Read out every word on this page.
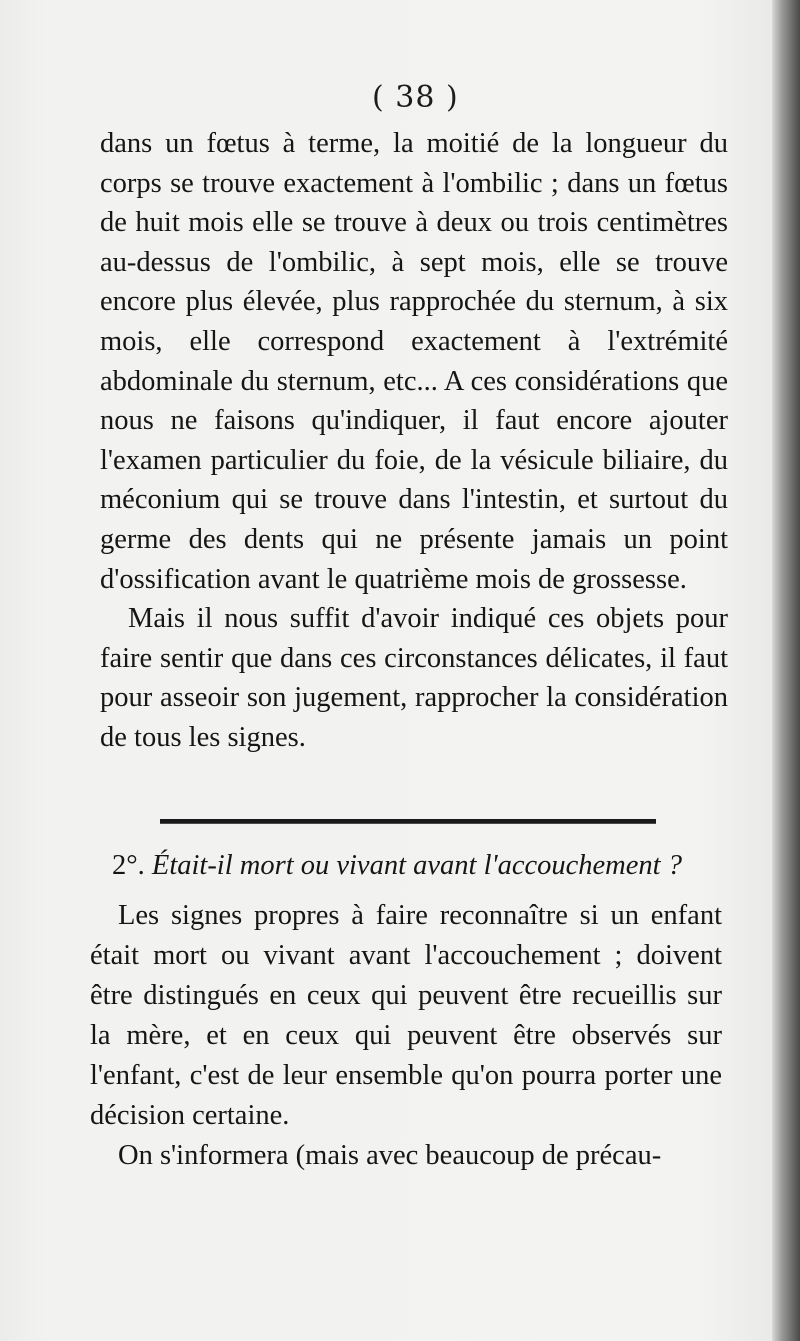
( 38 )

dans un fœtus à terme, la moitié de la longueur du corps se trouve exactement à l'ombilic ; dans un fœtus de huit mois elle se trouve à deux ou trois centimètres au-dessus de l'ombilic, à sept mois, elle se trouve encore plus élevée, plus rapprochée du sternum, à six mois, elle correspond exactement à l'extrémité abdominale du sternum, etc... A ces considérations que nous ne faisons qu'indiquer, il faut encore ajouter l'examen particulier du foie, de la vésicule biliaire, du méconium qui se trouve dans l'intestin, et surtout du germe des dents qui ne présente jamais un point d'ossification avant le quatrième mois de grossesse.

Mais il nous suffit d'avoir indiqué ces objets pour faire sentir que dans ces circonstances délicates, il faut pour asseoir son jugement, rapprocher la considération de tous les signes.

2°. Était-il mort ou vivant avant l'accouchement ?

Les signes propres à faire reconnaître si un enfant était mort ou vivant avant l'accouchement ; doivent être distingués en ceux qui peuvent être recueillis sur la mère, et en ceux qui peuvent être observés sur l'enfant, c'est de leur ensemble qu'on pourra porter une décision certaine.

On s'informera (mais avec beaucoup de précau-
